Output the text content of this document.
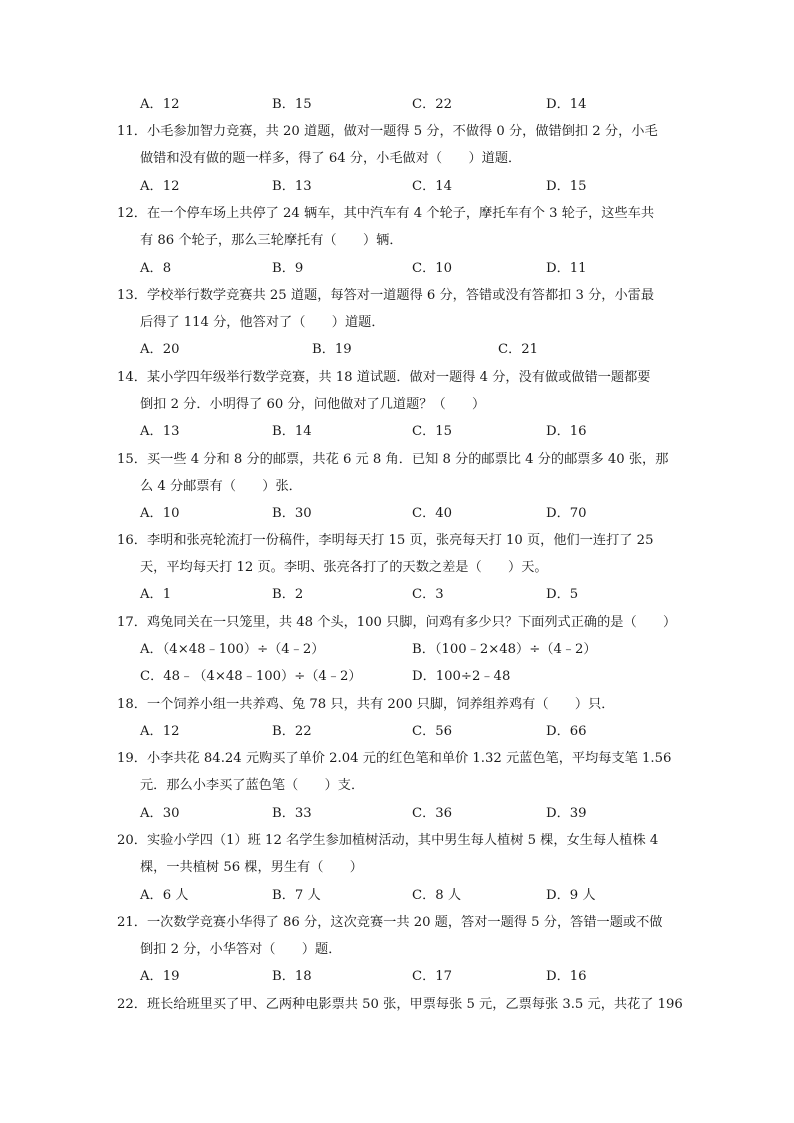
A．12	B．15	C．22	D．14
11．小毛参加智力竞赛，共 20 道题，做对一题得 5 分，不做得 0 分，做错倒扣 2 分，小毛
做错和没有做的题一样多，得了 64 分，小毛做对（　　）道题．
A．12	B．13	C．14	D．15
12．在一个停车场上共停了 24 辆车，其中汽车有 4 个轮子，摩托车有个 3 轮子，这些车共
有 86 个轮子，那么三轮摩托有（　　）辆．
A．8	B．9	C．10	D．11
13．学校举行数学竞赛共 25 道题，每答对一道题得 6 分，答错或没有答都扣 3 分，小雷最
后得了 114 分，他答对了（　　）道题．
A．20	B．19	C．21
14．某小学四年级举行数学竞赛，共 18 道试题．做对一题得 4 分，没有做或做错一题都要
倒扣 2 分．小明得了 60 分，问他做对了几道题？（　　）
A．13	B．14	C．15	D．16
15．买一些 4 分和 8 分的邮票，共花 6 元 8 角．已知 8 分的邮票比 4 分的邮票多 40 张，那
么 4 分邮票有（　　）张．
A．10	B．30	C．40	D．70
16．李明和张亮轮流打一份稿件，李明每天打 15 页，张亮每天打 10 页，他们一连打了 25
天，平均每天打 12 页。李明、张亮各打了的天数之差是（　　）天。
A．1	B．2	C．3	D．5
17．鸡兔同关在一只笼里，共 48 个头，100 只脚，问鸡有多少只？下面列式正确的是（　　）
A．（4×48﹣100）÷（4﹣2）	B．（100﹣2×48）÷（4﹣2）
C．48﹣（4×48﹣100）÷（4﹣2）	D．100÷2﹣48
18．一个饲养小组一共养鸡、兔 78 只，共有 200 只脚，饲养组养鸡有（　　）只．
A．12	B．22	C．56	D．66
19．小李共花 84.24 元购买了单价 2.04 元的红色笔和单价 1.32 元蓝色笔，平均每支笔 1.56
元．那么小李买了蓝色笔（　　）支．
A．30	B．33	C．36	D．39
20．实验小学四（1）班 12 名学生参加植树活动，其中男生每人植树 5 棵，女生每人植株 4
棵，一共植树 56 棵，男生有（　　）
A．6 人	B．7 人	C．8 人	D．9 人
21．一次数学竞赛小华得了 86 分，这次竞赛一共 20 题，答对一题得 5 分，答错一题或不做
倒扣 2 分，小华答对（　　）题．
A．19	B．18	C．17	D．16
22．班长给班里买了甲、乙两种电影票共 50 张，甲票每张 5 元，乙票每张 3.5 元，共花了 196
